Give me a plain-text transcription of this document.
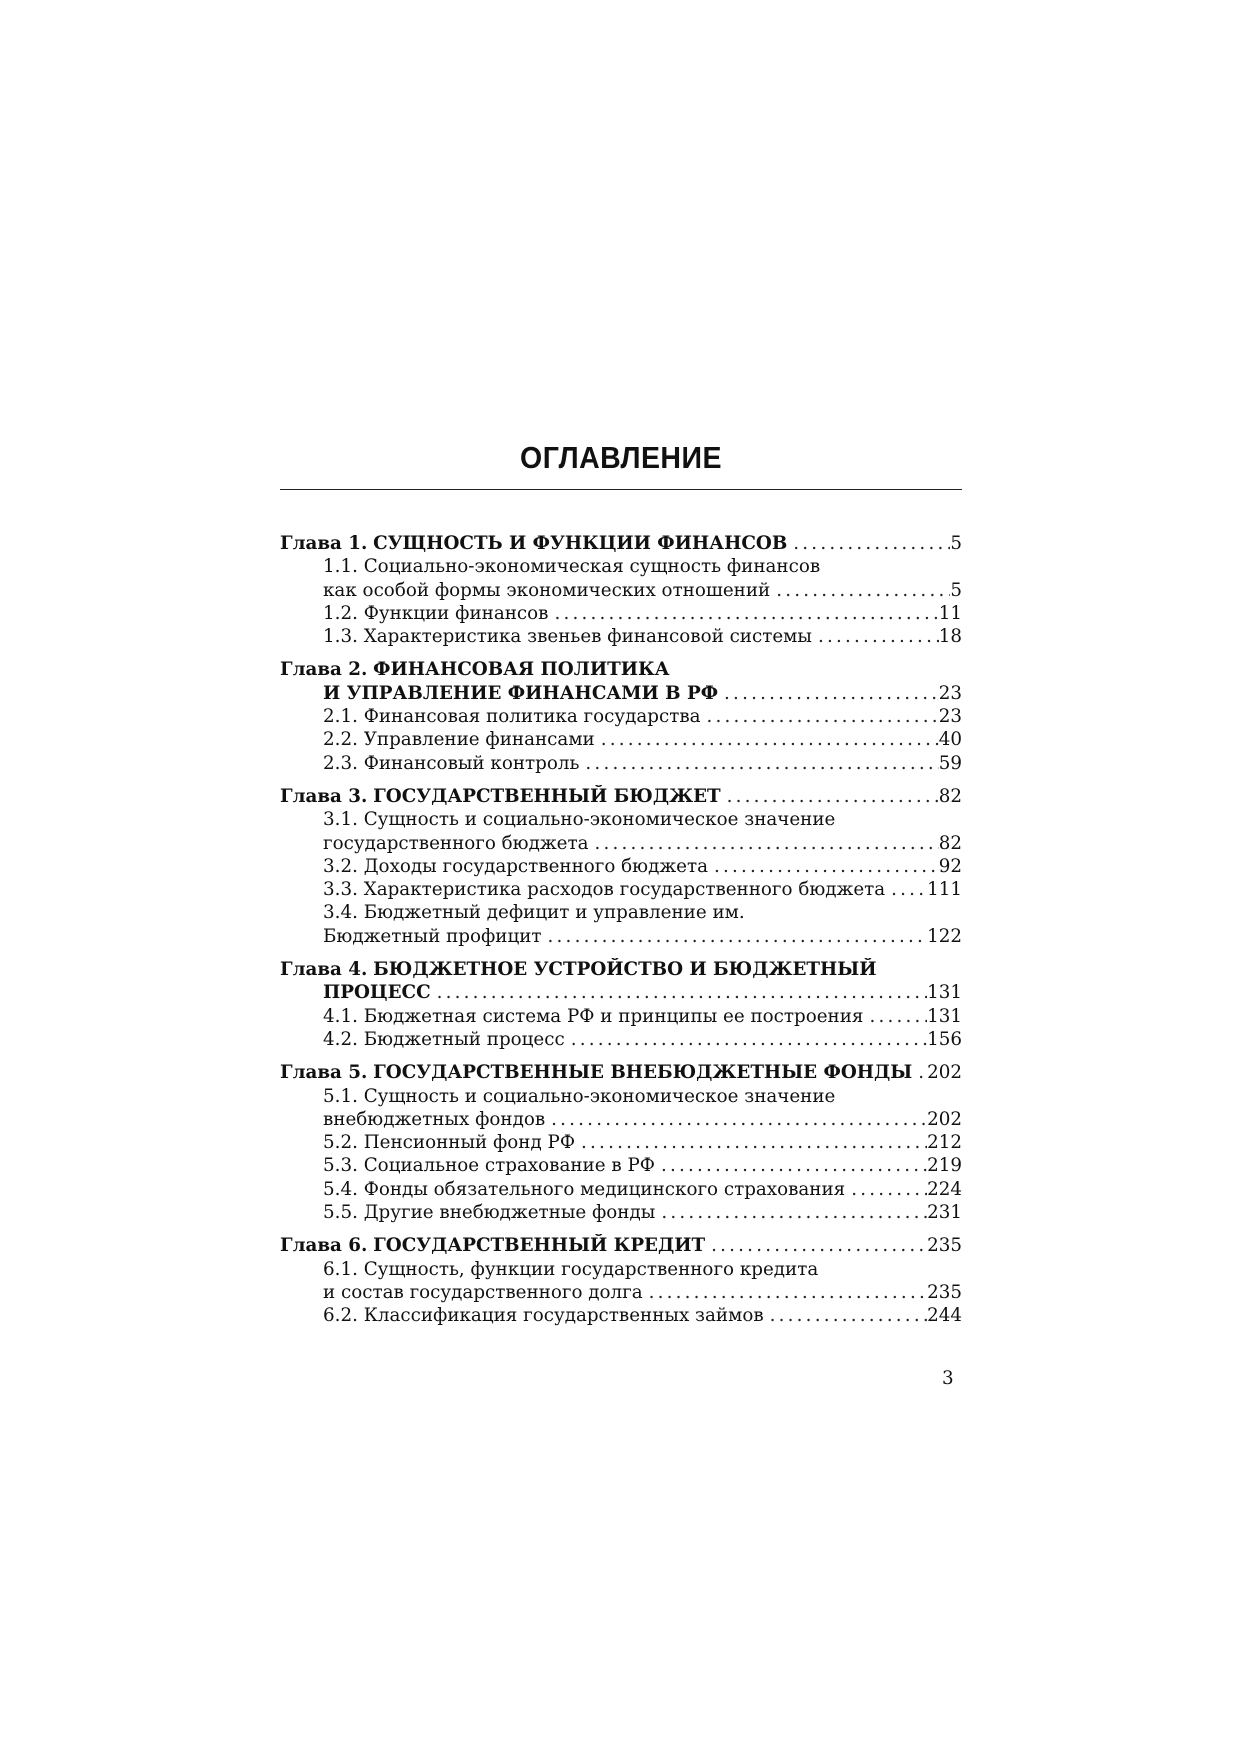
ОГЛАВЛЕНИЕ
Глава 1. СУЩНОСТЬ И ФУНКЦИИ ФИНАНСОВ .....	5
1.1. Социально-экономическая сущность финансов
как особой формы экономических отношений .....	5
1.2. Функции финансов .....	11
1.3. Характеристика звеньев финансовой системы .....	18
Глава 2. ФИНАНСОВАЯ ПОЛИТИКА
И УПРАВЛЕНИЕ ФИНАНСАМИ В РФ .....	23
2.1. Финансовая политика государства .....	23
2.2. Управление финансами .....	40
2.3. Финансовый контроль .....	59
Глава 3. ГОСУДАРСТВЕННЫЙ БЮДЖЕТ .....	82
3.1. Сущность и социально-экономическое значение
государственного бюджета .....	82
3.2. Доходы государственного бюджета .....	92
3.3. Характеристика расходов государственного бюджета ..... 111
3.4. Бюджетный дефицит и управление им.
Бюджетный профицит .....	122
Глава 4. БЮДЖЕТНОЕ УСТРОЙСТВО И БЮДЖЕТНЫЙ
ПРОЦЕСС .....	131
4.1. Бюджетная система РФ и принципы ее построения .....	131
4.2. Бюджетный процесс .....	156
Глава 5. ГОСУДАРСТВЕННЫЕ ВНЕБЮДЖЕТНЫЕ ФОНДЫ ..... 202
5.1. Сущность и социально-экономическое значение
внебюджетных фондов .....	202
5.2. Пенсионный фонд РФ .....	212
5.3. Социальное страхование в РФ .....	219
5.4. Фонды обязательного медицинского страхования .....	224
5.5. Другие внебюджетные фонды .....	231
Глава 6. ГОСУДАРСТВЕННЫЙ КРЕДИТ .....	235
6.1. Сущность, функции государственного кредита
и состав государственного долга .....	235
6.2. Классификация государственных займов .....	244
3
